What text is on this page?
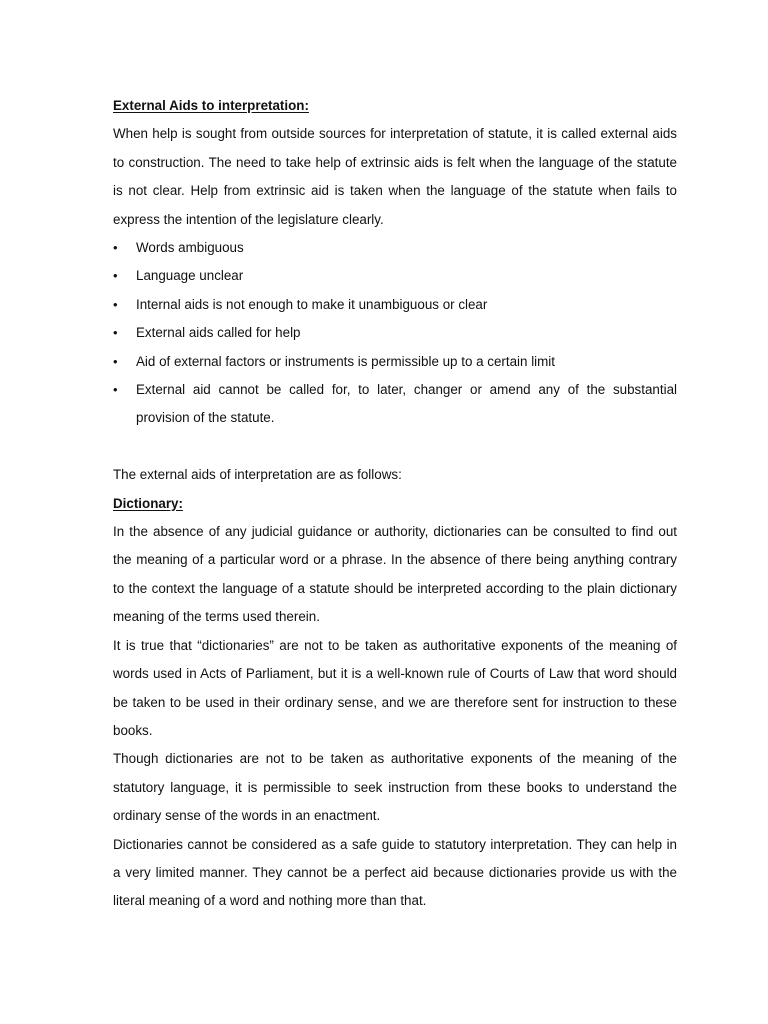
External Aids to interpretation:

When help is sought from outside sources for interpretation of statute, it is called external aids to construction. The need to take help of extrinsic aids is felt when the language of the statute is not clear. Help from extrinsic aid is taken when the language of the statute when fails to express the intention of the legislature clearly.

• Words ambiguous
• Language unclear
• Internal aids is not enough to make it unambiguous or clear
• External aids called for help
• Aid of external factors or instruments is permissible up to a certain limit
• External aid cannot be called for, to later, changer or amend any of the substantial provision of the statute.
The external aids of interpretation are as follows:
Dictionary:

In the absence of any judicial guidance or authority, dictionaries can be consulted to find out the meaning of a particular word or a phrase. In the absence of there being anything contrary to the context the language of a statute should be interpreted according to the plain dictionary meaning of the terms used therein.

It is true that “dictionaries” are not to be taken as authoritative exponents of the meaning of words used in Acts of Parliament, but it is a well-known rule of Courts of Law that word should be taken to be used in their ordinary sense, and we are therefore sent for instruction to these books.

Though dictionaries are not to be taken as authoritative exponents of the meaning of the statutory language, it is permissible to seek instruction from these books to understand the ordinary sense of the words in an enactment.

Dictionaries cannot be considered as a safe guide to statutory interpretation. They can help in a very limited manner. They cannot be a perfect aid because dictionaries provide us with the literal meaning of a word and nothing more than that.
